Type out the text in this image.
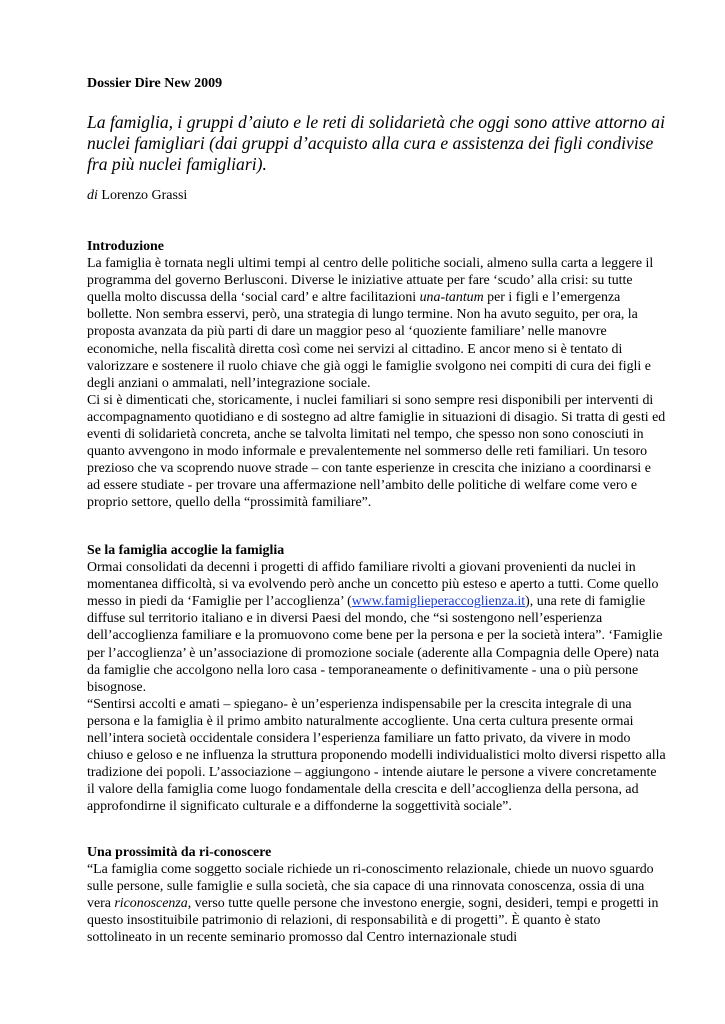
Dossier Dire New 2009
La famiglia, i gruppi d’aiuto e le reti di solidarietà che oggi sono attive attorno ai nuclei famigliari (dai gruppi d’acquisto alla cura e assistenza dei figli condivise fra più nuclei famigliari).
di Lorenzo Grassi
Introduzione

La famiglia è tornata negli ultimi tempi al centro delle politiche sociali, almeno sulla carta a leggere il programma del governo Berlusconi. Diverse le iniziative attuate per fare ‘scudo’ alla crisi: su tutte quella molto discussa della ‘social card’ e altre facilitazioni una-tantum per i figli e l’emergenza bollette. Non sembra esservi, però, una strategia di lungo termine. Non ha avuto seguito, per ora, la proposta avanzata da più parti di dare un maggior peso al ‘quoziente familiare’ nelle manovre economiche, nella fiscalità diretta così come nei servizi al cittadino. E ancor meno si è tentato di valorizzare e sostenere il ruolo chiave che già oggi le famiglie svolgono nei compiti di cura dei figli e degli anziani o ammalati, nell’integrazione sociale.

Ci si è dimenticati che, storicamente, i nuclei familiari si sono sempre resi disponibili per interventi di accompagnamento quotidiano e di sostegno ad altre famiglie in situazioni di disagio. Si tratta di gesti ed eventi di solidarietà concreta, anche se talvolta limitati nel tempo, che spesso non sono conosciuti in quanto avvengono in modo informale e prevalentemente nel sommerso delle reti familiari. Un tesoro prezioso che va scoprendo nuove strade – con tante esperienze in crescita che iniziano a coordinarsi e ad essere studiate - per trovare una affermazione nell’ambito delle politiche di welfare come vero e proprio settore, quello della “prossimità familiare”.

Se la famiglia accoglie la famiglia

Ormai consolidati da decenni i progetti di affido familiare rivolti a giovani provenienti da nuclei in momentanea difficoltà, si va evolvendo però anche un concetto più esteso e aperto a tutti. Come quello messo in piedi da ‘Famiglie per l’accoglienza’ (www.famiglieperaccoglienza.it), una rete di famiglie diffuse sul territorio italiano e in diversi Paesi del mondo, che “si sostengono nell’esperienza dell’accoglienza familiare e la promuovono come bene per la persona e per la società intera”. ‘Famiglie per l’accoglienza’ è un’associazione di promozione sociale (aderente alla Compagnia delle Opere) nata da famiglie che accolgono nella loro casa - temporaneamente o definitivamente - una o più persone bisognose.

“Sentirsi accolti e amati – spiegano- è un’esperienza indispensabile per la crescita integrale di una persona e la famiglia è il primo ambito naturalmente accogliente. Una certa cultura presente ormai nell’intera società occidentale considera l’esperienza familiare un fatto privato, da vivere in modo chiuso e geloso e ne influenza la struttura proponendo modelli individualistici molto diversi rispetto alla tradizione dei popoli. L’associazione – aggiungono - intende aiutare le persone a vivere concretamente il valore della famiglia come luogo fondamentale della crescita e dell’accoglienza della persona, ad approfondirne il significato culturale e a diffonderne la soggettività sociale”.

Una prossimità da ri-conoscere

“La famiglia come soggetto sociale richiede un ri-conoscimento relazionale, chiede un nuovo sguardo sulle persone, sulle famiglie e sulla società, che sia capace di una rinnovata conoscenza, ossia di una vera riconoscenza, verso tutte quelle persone che investono energie, sogni, desideri, tempi e progetti in questo insostituibile patrimonio di relazioni, di responsabilità e di progetti”. È quanto è stato sottolineato in un recente seminario promosso dal Centro internazionale studi
